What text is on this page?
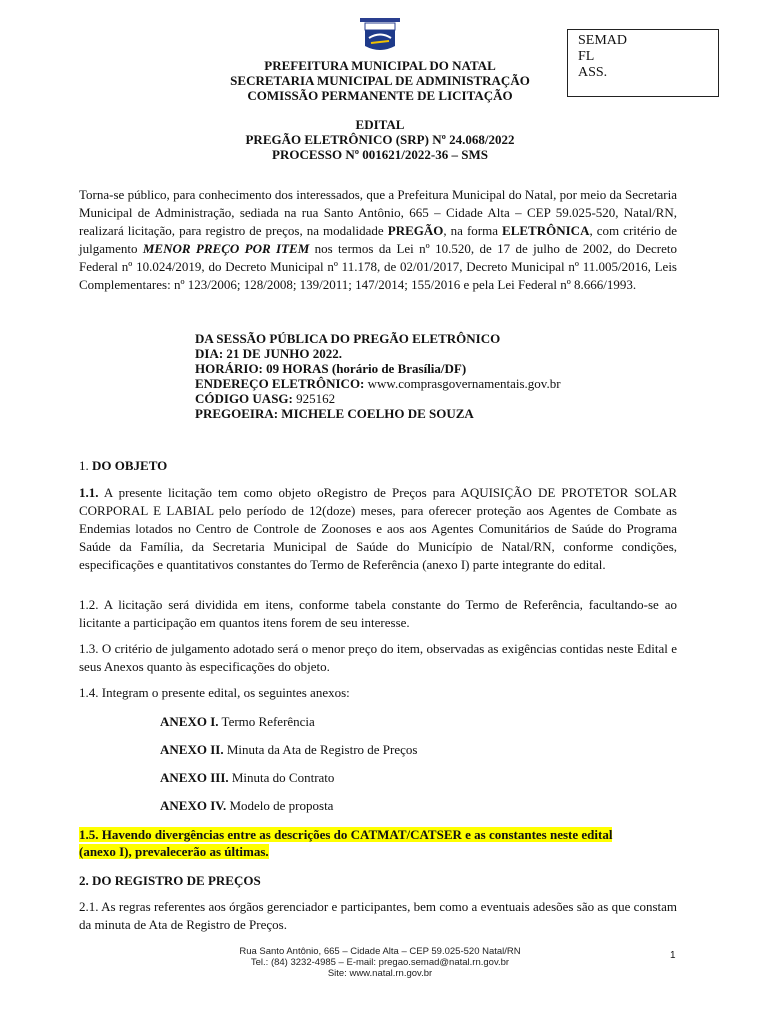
SEMAD
FL
ASS.
PREFEITURA MUNICIPAL DO NATAL
SECRETARIA MUNICIPAL DE ADMINISTRAÇÃO
COMISSÃO PERMANENTE DE LICITAÇÃO
EDITAL
PREGÃO ELETRÔNICO (SRP) Nº 24.068/2022
PROCESSO Nº 001621/2022-36 – SMS
Torna-se público, para conhecimento dos interessados, que a Prefeitura Municipal do Natal, por meio da Secretaria Municipal de Administração, sediada na rua Santo Antônio, 665 – Cidade Alta – CEP 59.025-520, Natal/RN, realizará licitação, para registro de preços, na modalidade PREGÃO, na forma ELETRÔNICA, com critério de julgamento MENOR PREÇO POR ITEM nos termos da Lei nº 10.520, de 17 de julho de 2002, do Decreto Federal nº 10.024/2019, do Decreto Municipal nº 11.178, de 02/01/2017, Decreto Municipal nº 11.005/2016, Leis Complementares: nº 123/2006; 128/2008; 139/2011; 147/2014; 155/2016 e pela Lei Federal nº 8.666/1993.
DA SESSÃO PÚBLICA DO PREGÃO ELETRÔNICO
DIA: 21 DE JUNHO 2022.
HORÁRIO: 09 HORAS (horário de Brasília/DF)
ENDEREÇO ELETRÔNICO: www.comprasgovernamentais.gov.br
CÓDIGO UASG: 925162
PREGOEIRA: MICHELE COELHO DE SOUZA
1. DO OBJETO
1.1. A presente licitação tem como objeto oRegistro de Preços para AQUISIÇÃO DE PROTETOR SOLAR CORPORAL E LABIAL pelo período de 12(doze) meses, para oferecer proteção aos Agentes de Combate as Endemias lotados no Centro de Controle de Zoonoses e aos aos Agentes Comunitários de Saúde do Programa Saúde da Família, da Secretaria Municipal de Saúde do Município de Natal/RN, conforme condições, especificações e quantitativos constantes do Termo de Referência (anexo I) parte integrante do edital.
1.2. A licitação será dividida em itens, conforme tabela constante do Termo de Referência, facultando-se ao licitante a participação em quantos itens forem de seu interesse.
1.3. O critério de julgamento adotado será o menor preço do item, observadas as exigências contidas neste Edital e seus Anexos quanto às especificações do objeto.
1.4. Integram o presente edital, os seguintes anexos:
ANEXO I. Termo Referência
ANEXO II. Minuta da Ata de Registro de Preços
ANEXO III. Minuta do Contrato
ANEXO IV. Modelo de proposta
1.5. Havendo divergências entre as descrições do CATMAT/CATSER e as constantes neste edital
(anexo I), prevalecerão as últimas.
2. DO REGISTRO DE PREÇOS
2.1. As regras referentes aos órgãos gerenciador e participantes, bem como a eventuais adesões são as que constam da minuta de Ata de Registro de Preços.
Rua Santo Antônio, 665 – Cidade Alta – CEP 59.025-520 Natal/RN
Tel.: (84) 3232-4985 – E-mail: pregao.semad@natal.rn.gov.br
Site: www.natal.rn.gov.br
1
